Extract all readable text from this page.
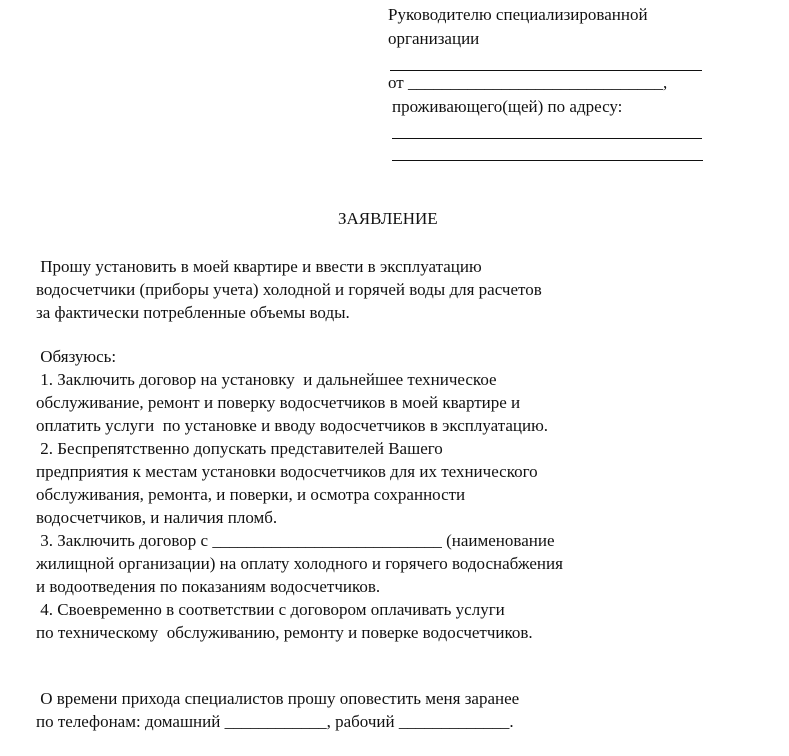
Руководителю специализированной
организации
от ______________________________,
проживающего(щей) по адресу:
ЗАЯВЛЕНИЕ
Прошу установить в моей квартире и ввести в эксплуатацию
водосчетчики (приборы учета) холодной и горячей воды для расчетов
за фактически потребленные объемы воды.
Обязуюсь:
1. Заключить договор на установку  и дальнейшее техническое
обслуживание, ремонт и поверку водосчетчиков в моей квартире и
оплатить услуги  по установке и вводу водосчетчиков в эксплуатацию.
2. Беспрепятственно допускать представителей Вашего
предприятия к местам установки водосчетчиков для их технического
обслуживания, ремонта, и поверки, и осмотра сохранности
водосчетчиков, и наличия пломб.
3. Заключить договор с ___________________________ (наименование
жилищной организации) на оплату холодного и горячего водоснабжения
и водоотведения по показаниям водосчетчиков.
4. Своевременно в соответствии с договором оплачивать услуги
по техническому  обслуживанию, ремонту и поверке водосчетчиков.
О времени прихода специалистов прошу оповестить меня заранее
по телефонам: домашний ____________, рабочий _____________.
